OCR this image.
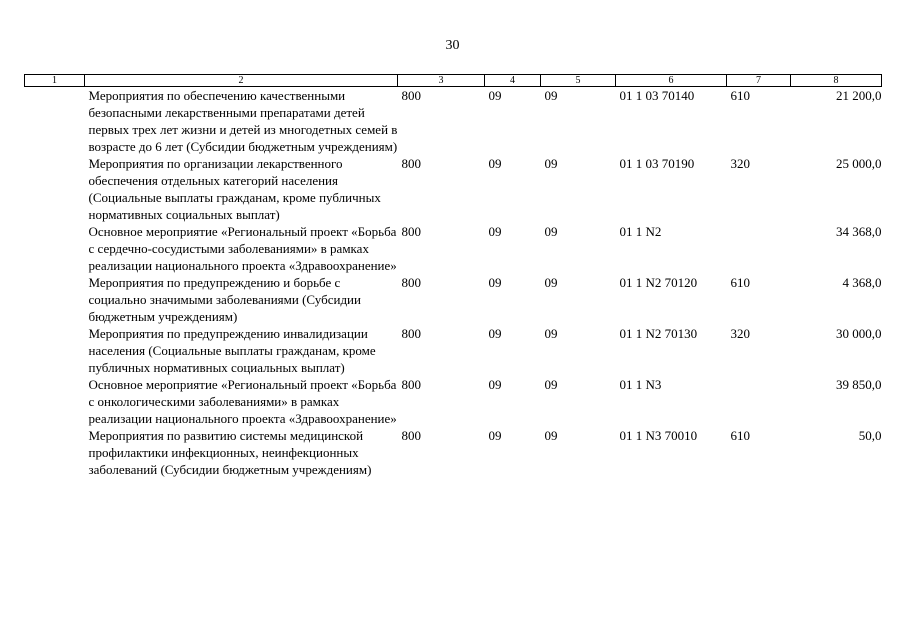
30
1	2	3	4	5	6	7	8
	Мероприятия по обеспечению качественными безопасными лекарственными препаратами детей первых трех лет жизни и детей из многодетных семей в возрасте до 6 лет (Субсидии бюджетным учреждениям)	800	09	09	01 1 03 70140	610	21 200,0
	Мероприятия по организации лекарственного обеспечения отдельных категорий населения (Социальные выплаты гражданам, кроме публичных нормативных социальных выплат)	800	09	09	01 1 03 70190	320	25 000,0
	Основное мероприятие «Региональный проект «Борьба с сердечно-сосудистыми заболеваниями» в рамках реализации национального проекта «Здравоохранение»	800	09	09	01 1 N2		34 368,0
	Мероприятия по предупреждению и борьбе с социально значимыми заболеваниями (Субсидии бюджетным учреждениям)	800	09	09	01 1 N2 70120	610	4 368,0
	Мероприятия по предупреждению инвалидизации населения (Социальные выплаты гражданам, кроме публичных нормативных социальных выплат)	800	09	09	01 1 N2 70130	320	30 000,0
	Основное мероприятие «Региональный проект «Борьба с онкологическими заболеваниями» в рамках реализации национального проекта «Здравоохранение»	800	09	09	01 1 N3		39 850,0
	Мероприятия по развитию системы медицинской профилактики инфекционных, неинфекционных заболеваний (Субсидии бюджетным учреждениям)	800	09	09	01 1 N3 70010	610	50,0
